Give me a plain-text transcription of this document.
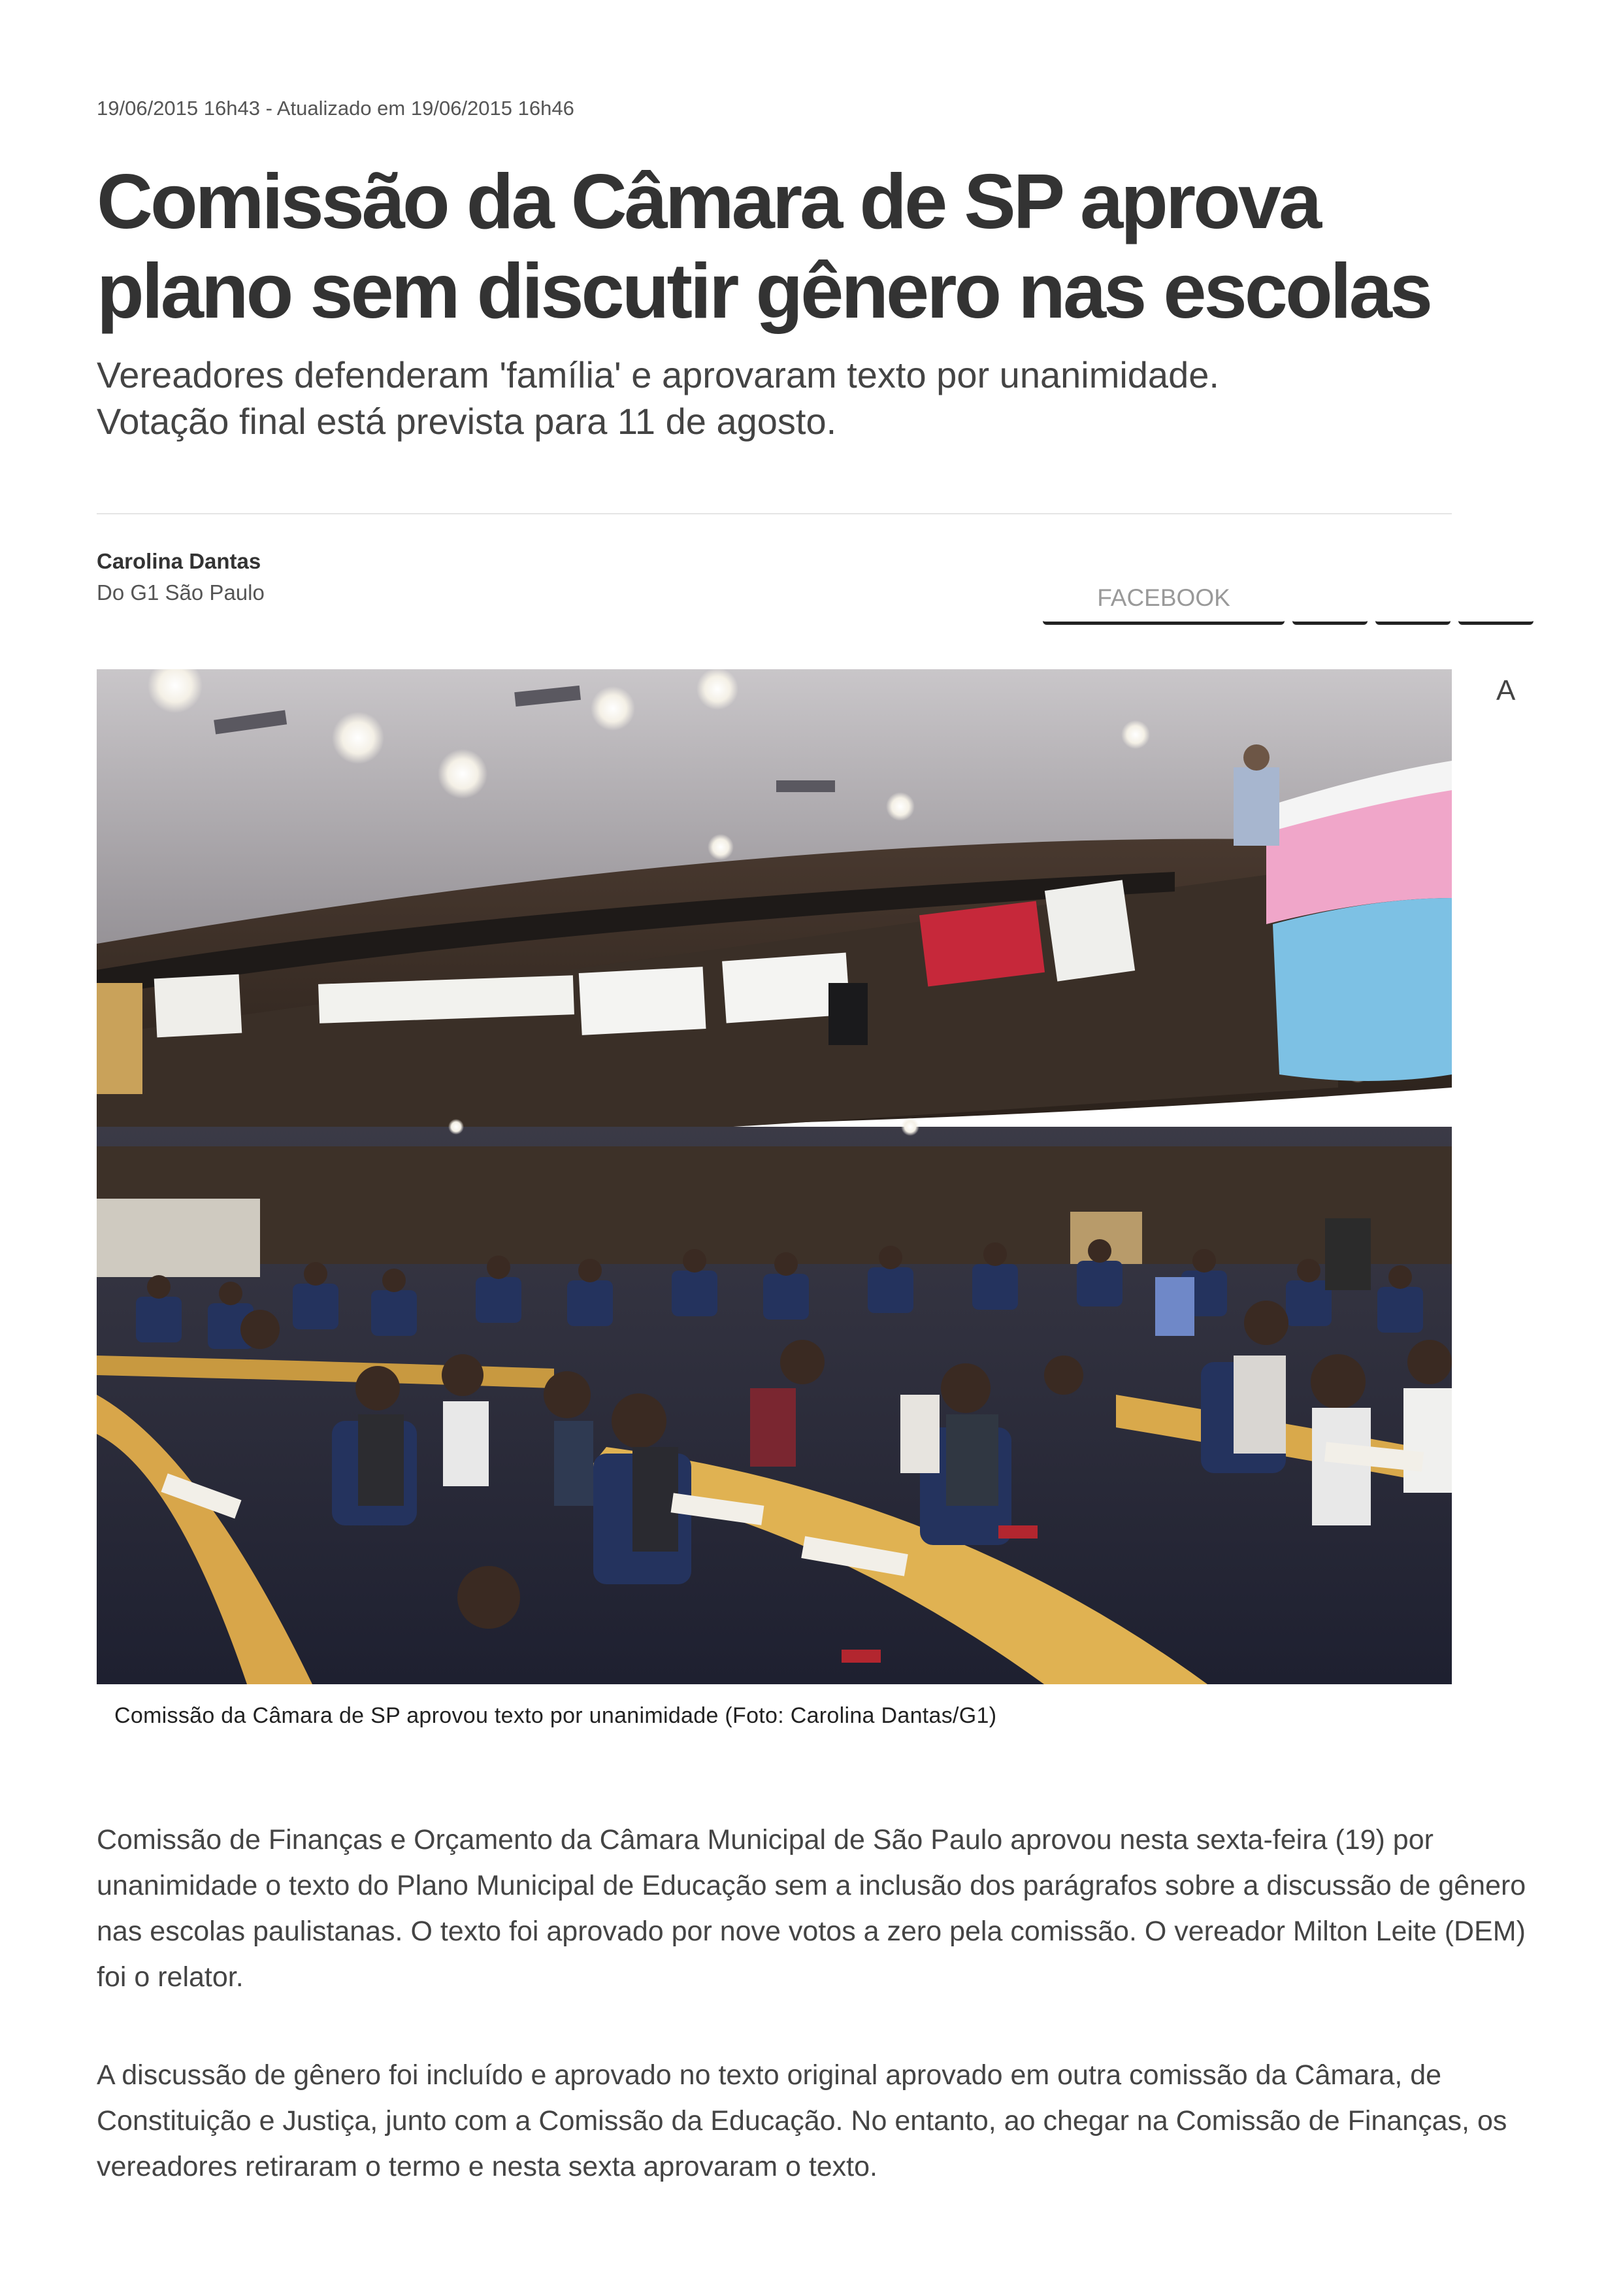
19/06/2015 16h43 - Atualizado em 19/06/2015 16h46
Comissão da Câmara de SP aprova plano sem discutir gênero nas escolas
Vereadores defenderam 'família' e aprovaram texto por unanimidade.
Votação final está prevista para 11 de agosto.
Carolina Dantas
Do G1 São Paulo	FACEBOOK
A
Comissão da Câmara de SP aprovou texto por unanimidade (Foto: Carolina Dantas/G1)

Comissão de Finanças e Orçamento da Câmara Municipal de São Paulo aprovou nesta sexta-feira (19) por unanimidade o texto do Plano Municipal de Educação sem a inclusão dos parágrafos sobre a discussão de gênero nas escolas paulistanas. O texto foi aprovado por nove votos a zero pela comissão. O vereador Milton Leite (DEM) foi o relator.

A discussão de gênero foi incluído e aprovado no texto original aprovado em outra comissão da Câmara, de Constituição e Justiça, junto com a Comissão da Educação. No entanto, ao chegar na Comissão de Finanças, os vereadores retiraram o termo e nesta sexta aprovaram o texto.
